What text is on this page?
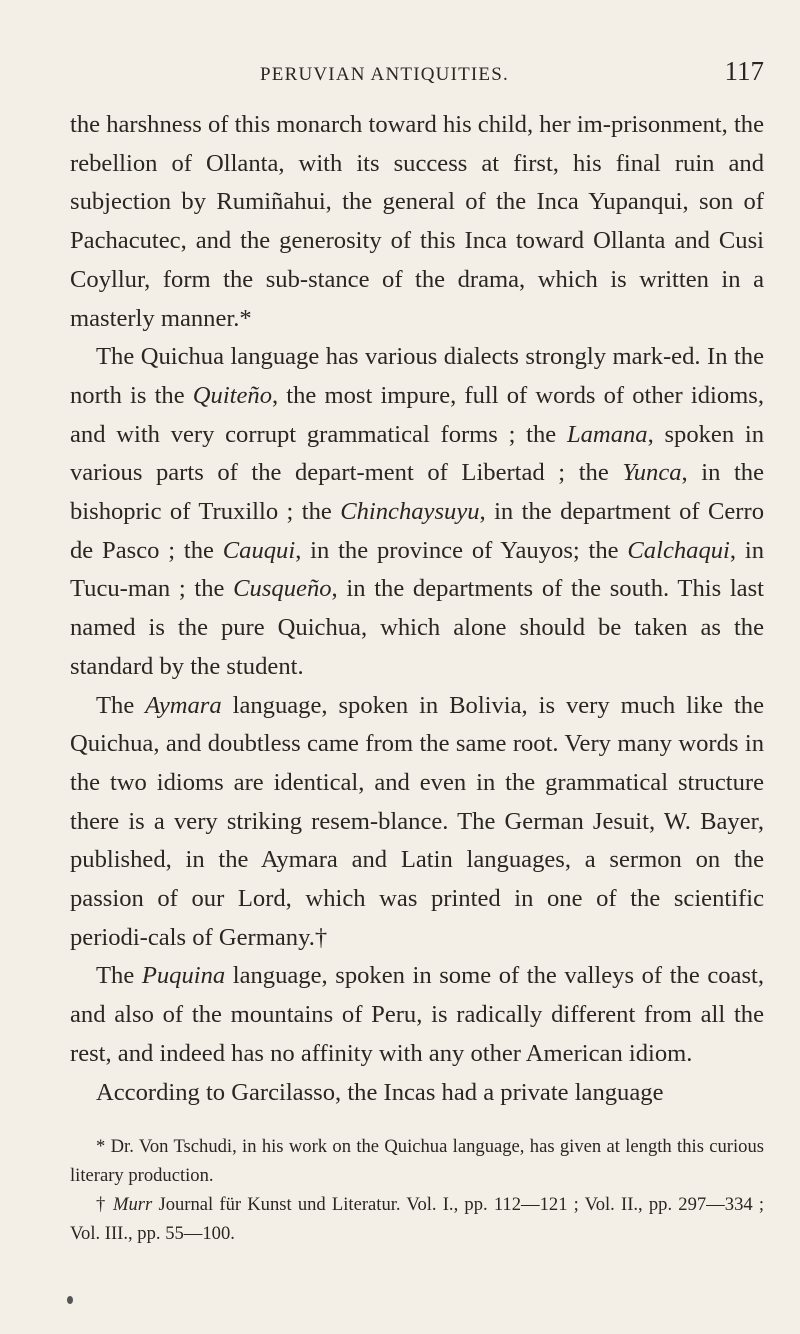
PERUVIAN ANTIQUITIES.	117

the harshness of this monarch toward his child, her im-prisonment, the rebellion of Ollanta, with its success at first, his final ruin and subjection by Rumiñahui, the general of the Inca Yupanqui, son of Pachacutec, and the generosity of this Inca toward Ollanta and Cusi Coyllur, form the sub-stance of the drama, which is written in a masterly manner.*

The Quichua language has various dialects strongly mark-ed. In the north is the Quiteño, the most impure, full of words of other idioms, and with very corrupt grammatical forms ; the Lamana, spoken in various parts of the depart-ment of Libertad ; the Yunca, in the bishopric of Truxillo ; the Chinchaysuyu, in the department of Cerro de Pasco ; the Cauqui, in the province of Yauyos; the Calchaqui, in Tucu-man ; the Cusqueño, in the departments of the south. This last named is the pure Quichua, which alone should be taken as the standard by the student.

The Aymara language, spoken in Bolivia, is very much like the Quichua, and doubtless came from the same root. Very many words in the two idioms are identical, and even in the grammatical structure there is a very striking resem-blance. The German Jesuit, W. Bayer, published, in the Aymara and Latin languages, a sermon on the passion of our Lord, which was printed in one of the scientific periodi-cals of Germany.†

The Puquina language, spoken in some of the valleys of the coast, and also of the mountains of Peru, is radically different from all the rest, and indeed has no affinity with any other American idiom.

According to Garcilasso, the Incas had a private language

* Dr. Von Tschudi, in his work on the Quichua language, has given at length this curious literary production.

† Murr Journal für Kunst und Literatur. Vol. I., pp. 112—121 ; Vol. II., pp. 297—334 ; Vol. III., pp. 55—100.
